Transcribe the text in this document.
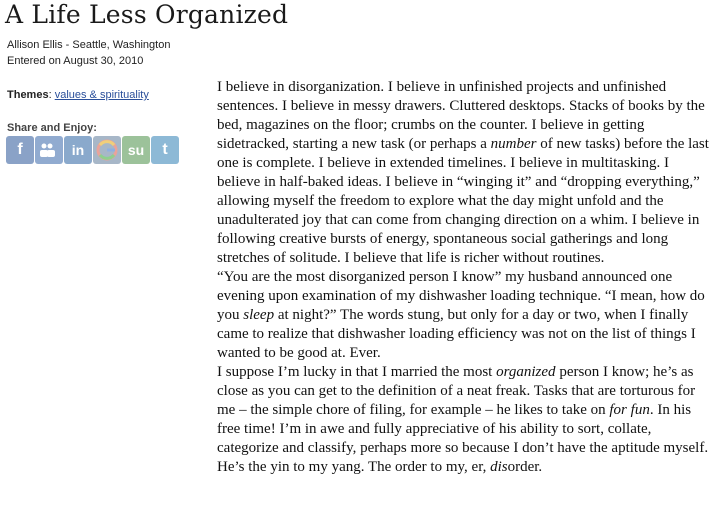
A Life Less Organized
Allison Ellis - Seattle, Washington
Entered on August 30, 2010
Themes: values & spirituality
Share and Enjoy:
f	in	su	t

I believe in disorganization. I believe in unfinished projects and unfinished sentences. I believe in messy drawers. Cluttered desktops. Stacks of books by the bed, magazines on the floor; crumbs on the counter. I believe in getting sidetracked, starting a new task (or perhaps a number of new tasks) before the last one is complete. I believe in extended timelines. I believe in multitasking. I believe in half-baked ideas. I believe in “winging it” and “dropping everything,” allowing myself the freedom to explore what the day might unfold and the unadulterated joy that can come from changing direction on a whim. I believe in following creative bursts of energy, spontaneous social gatherings and long stretches of solitude. I believe that life is richer without routines.

“You are the most disorganized person I know” my husband announced one evening upon examination of my dishwasher loading technique. “I mean, how do you sleep at night?” The words stung, but only for a day or two, when I finally came to realize that dishwasher loading efficiency was not on the list of things I wanted to be good at. Ever.

I suppose I’m lucky in that I married the most organized person I know; he’s as close as you can get to the definition of a neat freak. Tasks that are torturous for me – the simple chore of filing, for example – he likes to take on for fun. In his free time! I’m in awe and fully appreciative of his ability to sort, collate, categorize and classify, perhaps more so because I don’t have the aptitude myself. He’s the yin to my yang. The order to my, er, disorder.
